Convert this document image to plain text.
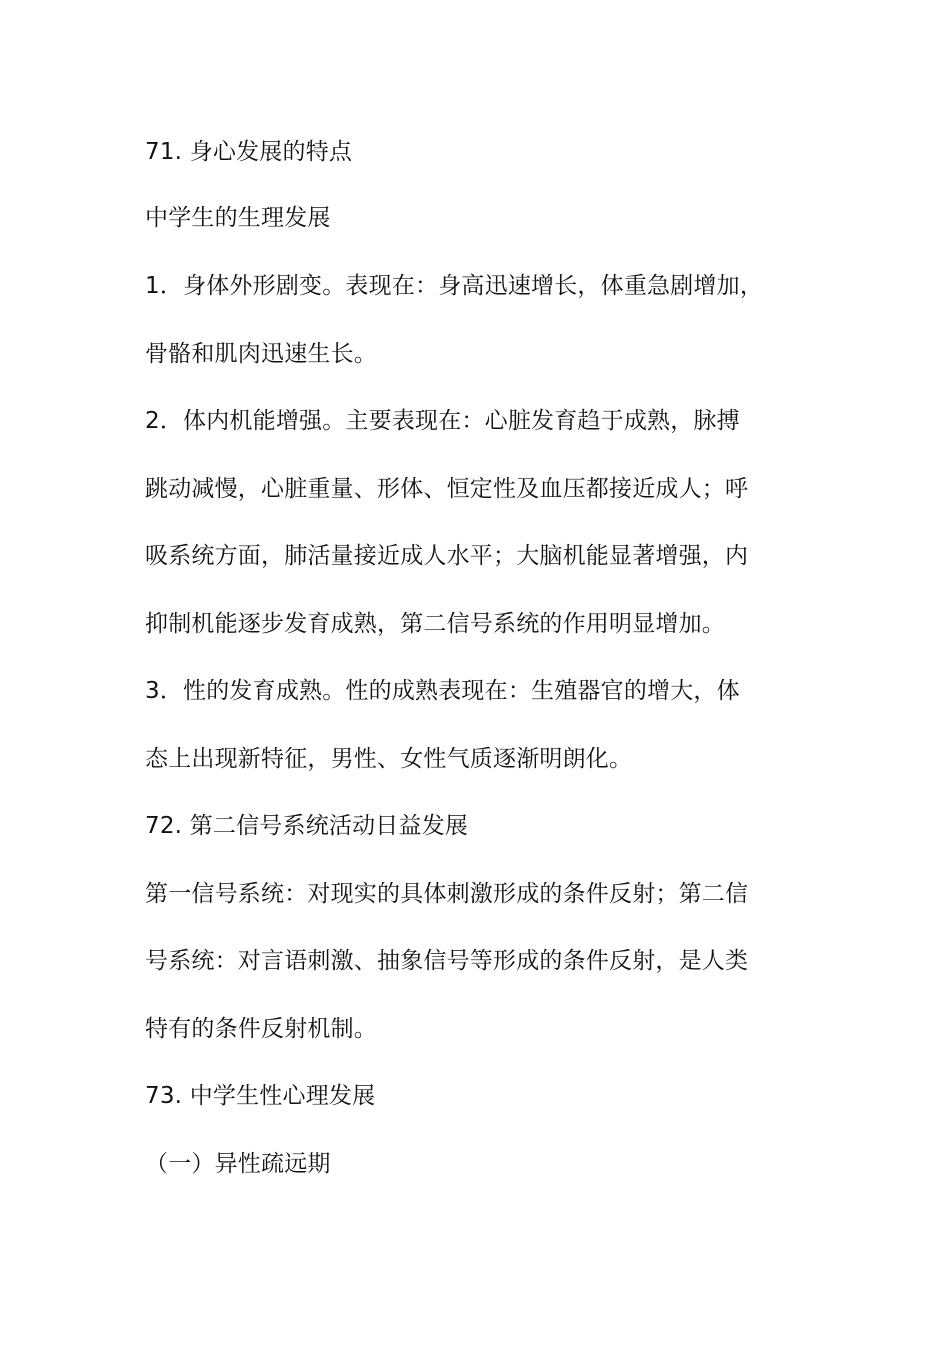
71. 身心发展的特点
中学生的生理发展
1．身体外形剧变。表现在：身高迅速增长，体重急剧增加，
骨骼和肌肉迅速生长。
2．体内机能增强。主要表现在：心脏发育趋于成熟，脉搏
跳动减慢，心脏重量、形体、恒定性及血压都接近成人；呼
吸系统方面，肺活量接近成人水平；大脑机能显著增强，内
抑制机能逐步发育成熟，第二信号系统的作用明显增加。
3．性的发育成熟。性的成熟表现在：生殖器官的增大，体
态上出现新特征，男性、女性气质逐渐明朗化。
72. 第二信号系统活动日益发展
第一信号系统：对现实的具体刺激形成的条件反射；第二信
号系统：对言语刺激、抽象信号等形成的条件反射，是人类
特有的条件反射机制。
73. 中学生性心理发展
（一）异性疏远期
